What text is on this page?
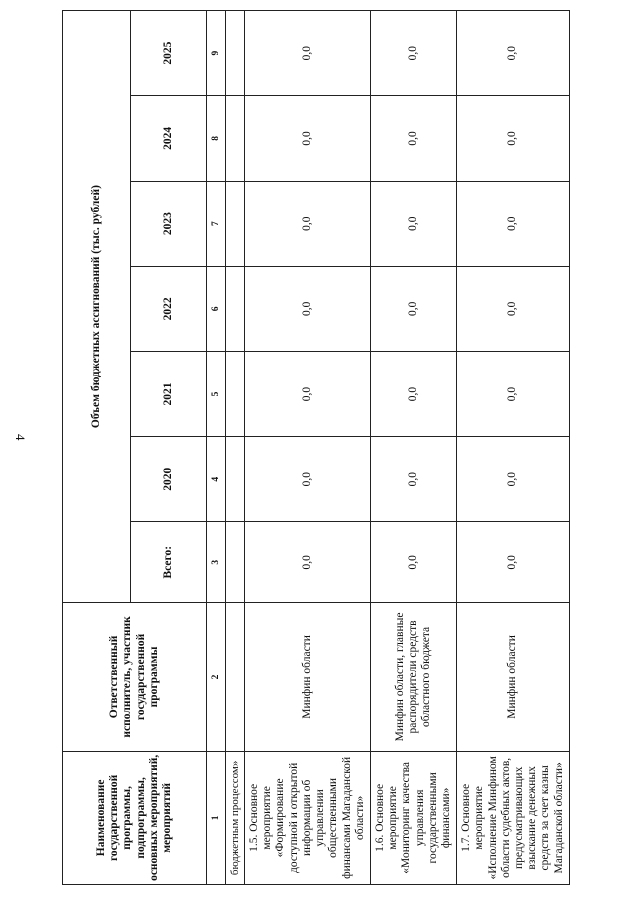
4
Наименование государственной программы, подпрограммы, основных мероприятий, мероприятий	Ответственный исполнитель, участник государственной программы	Объем бюджетных ассигнований (тыс. рублей)						
		Всего:	2020	2021	2022	2023	2024	2025
1	2	3	4	5	6	7	8	9
бюджетным процессом»								
1.5. Основное мероприятие «Формирование доступной и открытой информации об управлении общественными финансами Магаданской области»	Минфин области	0,0	0,0	0,0	0,0	0,0	0,0	0,0
1.6. Основное мероприятие «Мониторинг качества управления государственными финансами»	Минфин области, главные распорядители средств областного бюджета	0,0	0,0	0,0	0,0	0,0	0,0	0,0
1.7. Основное мероприятие «Исполнение Минфином области судебных актов, предусматривающих взыскание денежных средств за счет казны Магаданской области»	Минфин области	0,0	0,0	0,0	0,0	0,0	0,0	0,0
